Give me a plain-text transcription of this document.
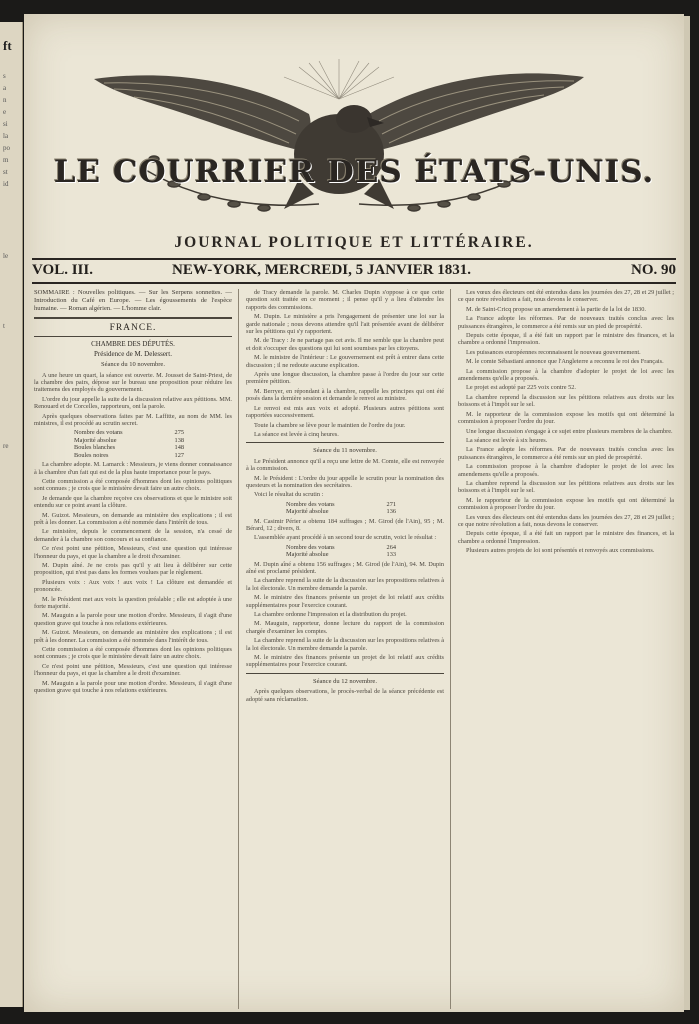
ft
s
a
n
e
si
la
po
m
st
id
le
t
re
LE COURRIER DES ÉTATS-UNIS.
JOURNAL POLITIQUE ET LITTÉRAIRE.
VOL. III.	NEW-YORK, MERCREDI, 5 JANVIER 1831.	NO. 90
SOMMAIRE : Nouvelles politiques. — Sur les Serpens sonnettes. — Introduction du Café en Europe. — Les égoussements de l'espèce humaine. — Roman algérien. — L'homme clair.
FRANCE.
CHAMBRE DES DÉPUTÉS.
Présidence de M. Delessert.
Séance du 10 novembre.

A une heure un quart, la séance est ouverte. M. Jousset de Saint-Priest, de la chambre des pairs, dépose sur le bureau une proposition pour réduire les traitemens des employés du gouvernement.

L'ordre du jour appelle la suite de la discussion relative aux pétitions. MM. Renouard et de Corcelles, rapporteurs, ont la parole.

Après quelques observations faites par M. Laffitte, au nom de MM. les ministres, il est procédé au scrutin secret.

Nombre des votans	275
Majorité absolue	138
Boules blanches	148
Boules noires	127

La chambre adopte. M. Lamarck : Messieurs, je viens donner connaissance à la chambre d'un fait qui est de la plus haute importance pour le pays.

Cette commission a été composée d'hommes dont les opinions politiques sont connues ; je crois que le ministère devait faire un autre choix.

Je demande que la chambre reçoive ces observations et que le ministre soit entendu sur ce point avant la clôture.

M. Guizot. Messieurs, on demande au ministère des explications ; il est prêt à les donner. La commission a été nommée dans l'intérêt de tous.

Le ministère, depuis le commencement de la session, n'a cessé de demander à la chambre son concours et sa confiance.

Ce n'est point une pétition, Messieurs, c'est une question qui intéresse l'honneur du pays, et que la chambre a le droit d'examiner.

M. Dupin aîné. Je ne crois pas qu'il y ait lieu à délibérer sur cette proposition, qui n'est pas dans les formes voulues par le règlement.

Plusieurs voix : Aux voix ! aux voix ! La clôture est demandée et prononcée.

M. le Président met aux voix la question préalable ; elle est adoptée à une forte majorité.

M. Mauguin a la parole pour une motion d'ordre. Messieurs, il s'agit d'une question grave qui touche à nos relations extérieures.

M. Guizot. Messieurs, on demande au ministère des explications ; il est prêt à les donner. La commission a été nommée dans l'intérêt de tous.

Cette commission a été composée d'hommes dont les opinions politiques sont connues ; je crois que le ministère devait faire un autre choix.

Ce n'est point une pétition, Messieurs, c'est une question qui intéresse l'honneur du pays, et que la chambre a le droit d'examiner.

M. Mauguin a la parole pour une motion d'ordre. Messieurs, il s'agit d'une question grave qui touche à nos relations extérieures.

de Tracy demande la parole. M. Charles Dupin s'oppose à ce que cette question soit traitée en ce moment ; il pense qu'il y a lieu d'attendre les rapports des commissions.

M. Dupin. Le ministère a pris l'engagement de présenter une loi sur la garde nationale ; nous devons attendre qu'il l'ait présentée avant de délibérer sur les pétitions qui s'y rapportent.

M. de Tracy : Je ne partage pas cet avis. Il me semble que la chambre peut et doit s'occuper des questions qui lui sont soumises par les citoyens.

M. le ministre de l'intérieur : Le gouvernement est prêt à entrer dans cette discussion ; il ne redoute aucune explication.

Après une longue discussion, la chambre passe à l'ordre du jour sur cette première pétition.

M. Berryer, en répondant à la chambre, rappelle les principes qui ont été posés dans la dernière session et demande le renvoi au ministre.

Le renvoi est mis aux voix et adopté. Plusieurs autres pétitions sont rapportées successivement.

Toute la chambre se lève pour le maintien de l'ordre du jour.

La séance est levée à cinq heures.

Séance du 11 novembre.

Le Président annonce qu'il a reçu une lettre de M. Comte, elle est renvoyée à la commission.

M. le Président : L'ordre du jour appelle le scrutin pour la nomination des questeurs et la nomination des secrétaires.

Voici le résultat du scrutin :

Nombre des votans	271
Majorité absolue	136

M. Casimir Périer a obtenu 184 suffrages ; M. Girod (de l'Ain), 95 ; M. Bérard, 12 ; divers, 8.

L'assemblée ayant procédé à un second tour de scrutin, voici le résultat :

Nombre des votans	264
Majorité absolue	133

M. Dupin aîné a obtenu 156 suffrages ; M. Girod (de l'Ain), 94. M. Dupin aîné est proclamé président.

La chambre reprend la suite de la discussion sur les propositions relatives à la loi électorale. Un membre demande la parole.

M. le ministre des finances présente un projet de loi relatif aux crédits supplémentaires pour l'exercice courant.

La chambre ordonne l'impression et la distribution du projet.

M. Mauguin, rapporteur, donne lecture du rapport de la commission chargée d'examiner les comptes.

La chambre reprend la suite de la discussion sur les propositions relatives à la loi électorale. Un membre demande la parole.

M. le ministre des finances présente un projet de loi relatif aux crédits supplémentaires pour l'exercice courant.

Séance du 12 novembre.

Après quelques observations, le procès-verbal de la séance précédente est adopté sans réclamation.

Les vœux des électeurs ont été entendus dans les journées des 27, 28 et 29 juillet ; ce que notre révolution a fait, nous devons le conserver.

M. de Saint-Cricq propose un amendement à la partie de la loi de 1830.

La France adopte les réformes. Par de nouveaux traités conclus avec les puissances étrangères, le commerce a été remis sur un pied de prospérité.

Depuis cette époque, il a été fait un rapport par le ministre des finances, et la chambre a ordonné l'impression.

Les puissances européennes reconnaissent le nouveau gouvernement.

M. le comte Sébastiani annonce que l'Angleterre a reconnu le roi des Français.

La commission propose à la chambre d'adopter le projet de loi avec les amendemens qu'elle a proposés.

Le projet est adopté par 225 voix contre 52.

La chambre reprend la discussion sur les pétitions relatives aux droits sur les boissons et à l'impôt sur le sel.

M. le rapporteur de la commission expose les motifs qui ont déterminé la commission à proposer l'ordre du jour.

Une longue discussion s'engage à ce sujet entre plusieurs membres de la chambre.

La séance est levée à six heures.

La France adopte les réformes. Par de nouveaux traités conclus avec les puissances étrangères, le commerce a été remis sur un pied de prospérité.

La commission propose à la chambre d'adopter le projet de loi avec les amendemens qu'elle a proposés.

La chambre reprend la discussion sur les pétitions relatives aux droits sur les boissons et à l'impôt sur le sel.

M. le rapporteur de la commission expose les motifs qui ont déterminé la commission à proposer l'ordre du jour.

Les vœux des électeurs ont été entendus dans les journées des 27, 28 et 29 juillet ; ce que notre révolution a fait, nous devons le conserver.

Depuis cette époque, il a été fait un rapport par le ministre des finances, et la chambre a ordonné l'impression.

Plusieurs autres projets de loi sont présentés et renvoyés aux commissions.
